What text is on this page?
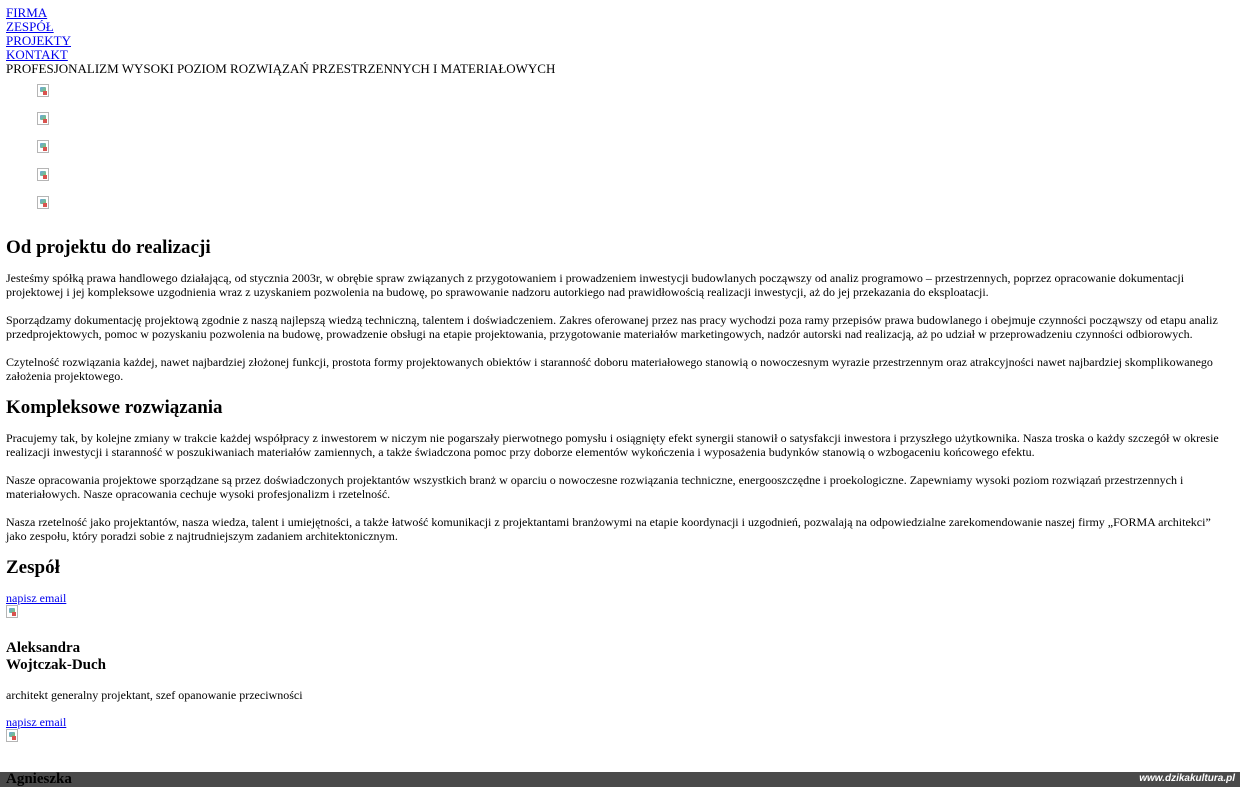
FIRMA
ZESPÓŁ
PROJEKTY
KONTAKT
PROFESJONALIZM WYSOKI POZIOM ROZWIĄZAŃ PRZESTRZENNYCH I MATERIAŁOWYCH
Od projektu do realizacji

Jesteśmy spółką prawa handlowego działającą, od stycznia 2003r, w obrębie spraw związanych z przygotowaniem i prowadzeniem inwestycji budowlanych począwszy od analiz programowo – przestrzennych, poprzez opracowanie dokumentacji projektowej i jej kompleksowe uzgodnienia wraz z uzyskaniem pozwolenia na budowę, po sprawowanie nadzoru autorkiego nad prawidłowością realizacji inwestycji, aż do jej przekazania do eksploatacji.

Sporządzamy dokumentację projektową zgodnie z naszą najlepszą wiedzą techniczną, talentem i doświadczeniem. Zakres oferowanej przez nas pracy wychodzi poza ramy przepisów prawa budowlanego i obejmuje czynności począwszy od etapu analiz przedprojektowych, pomoc w pozyskaniu pozwolenia na budowę, prowadzenie obsługi na etapie projektowania, przygotowanie materiałów marketingowych, nadzór autorski nad realizacją, aż po udział w przeprowadzeniu czynności odbiorowych.

Czytelność rozwiązania każdej, nawet najbardziej złożonej funkcji, prostota formy projektowanych obiektów i staranność doboru materiałowego stanowią o nowoczesnym wyrazie przestrzennym oraz atrakcyjności nawet najbardziej skomplikowanego założenia projektowego.

Kompleksowe rozwiązania

Pracujemy tak, by kolejne zmiany w trakcie każdej współpracy z inwestorem w niczym nie pogarszały pierwotnego pomysłu i osiągnięty efekt synergii stanowił o satysfakcji inwestora i przyszłego użytkownika. Nasza troska o każdy szczegół w okresie realizacji inwestycji i staranność w poszukiwaniach materiałów zamiennych, a także świadczona pomoc przy doborze elementów wykończenia i wyposażenia budynków stanowią o wzbogaceniu końcowego efektu.

Nasze opracowania projektowe sporządzane są przez doświadczonych projektantów wszystkich branż w oparciu o nowoczesne rozwiązania techniczne, energooszczędne i proekologiczne. Zapewniamy wysoki poziom rozwiązań przestrzennych i materiałowych. Nasze opracowania cechuje wysoki profesjonalizm i rzetelność.

Nasza rzetelność jako projektantów, nasza wiedza, talent i umiejętności, a także łatwość komunikacji z projektantami branżowymi na etapie koordynacji i uzgodnień, pozwalają na odpowiedzialne zarekomendowanie naszej firmy „FORMA architekci” jako zespołu, który poradzi sobie z najtrudniejszym zadaniem architektonicznym.

Zespół
napisz email
Aleksandra
Wojtczak-Duch

architekt generalny projektant, szef opanowanie przeciwności

napisz email
www.dzikakultura.pl
Agnieszka
